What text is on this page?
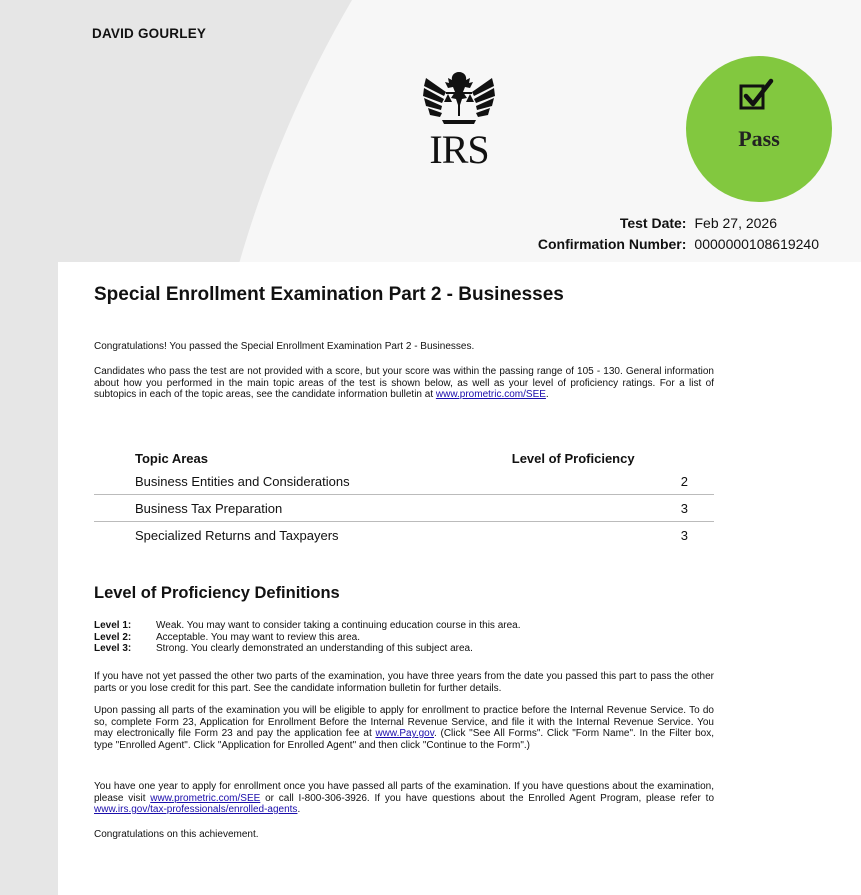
DAVID GOURLEY
IRS	Pass
Test Date: Feb 27, 2026
Confirmation Number: 0000000108619240
Special Enrollment Examination Part 2 - Businesses
Congratulations! You passed the Special Enrollment Examination Part 2 - Businesses.
Candidates who pass the test are not provided with a score, but your score was within the passing range of 105 - 130. General information about how you performed in the main topic areas of the test is shown below, as well as your level of proficiency ratings. For a list of subtopics in each of the topic areas, see the candidate information bulletin at www.prometric.com/SEE.
Topic Areas	Level of Proficiency
Business Entities and Considerations	2
Business Tax Preparation	3
Specialized Returns and Taxpayers	3
Level of Proficiency Definitions
Level 1: Weak. You may want to consider taking a continuing education course in this area.
Level 2: Acceptable. You may want to review this area.
Level 3: Strong. You clearly demonstrated an understanding of this subject area.
If you have not yet passed the other two parts of the examination, you have three years from the date you passed this part to pass the other parts or you lose credit for this part. See the candidate information bulletin for further details.
Upon passing all parts of the examination you will be eligible to apply for enrollment to practice before the Internal Revenue Service. To do so, complete Form 23, Application for Enrollment Before the Internal Revenue Service, and file it with the Internal Revenue Service. You may electronically file Form 23 and pay the application fee at www.Pay.gov. (Click "See All Forms". Click "Form Name". In the Filter box, type "Enrolled Agent". Click "Application for Enrolled Agent" and then click "Continue to the Form".)
You have one year to apply for enrollment once you have passed all parts of the examination. If you have questions about the examination, please visit www.prometric.com/SEE or call I-800-306-3926. If you have questions about the Enrolled Agent Program, please refer to www.irs.gov/tax-professionals/enrolled-agents.
Congratulations on this achievement.
